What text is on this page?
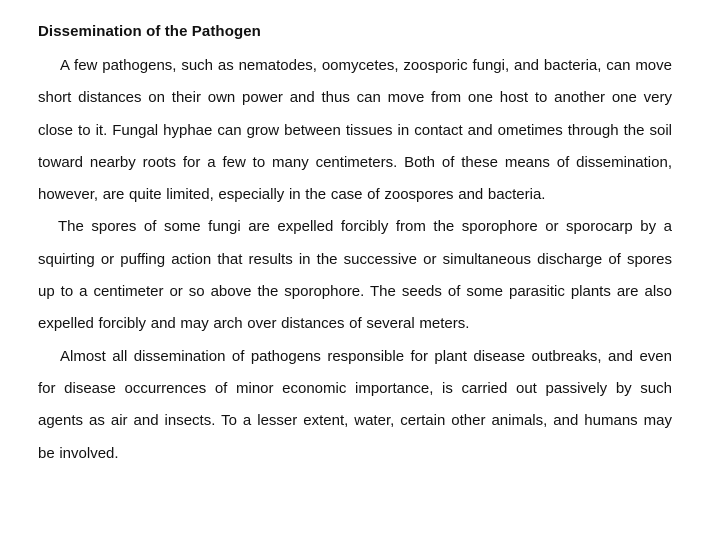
Dissemination of the Pathogen

A few pathogens, such as nematodes, oomycetes, zoosporic fungi, and bacteria, can move short distances on their own power and thus can move from one host to another one very close to it. Fungal hyphae can grow between tissues in contact and ometimes through the soil toward nearby roots for a few to many centimeters. Both of these means of dissemination, however, are quite limited, especially in the case of zoospores and bacteria.

The spores of some fungi are expelled forcibly from the sporophore or sporocarp by a squirting or puffing action that results in the successive or simultaneous discharge of spores up to a centimeter or so above the sporophore. The seeds of some parasitic plants are also expelled forcibly and may arch over distances of several meters.

Almost all dissemination of pathogens responsible for plant disease outbreaks, and even for disease occurrences of minor economic importance, is carried out passively by such agents as air and insects. To a lesser extent, water, certain other animals, and humans may be involved.
